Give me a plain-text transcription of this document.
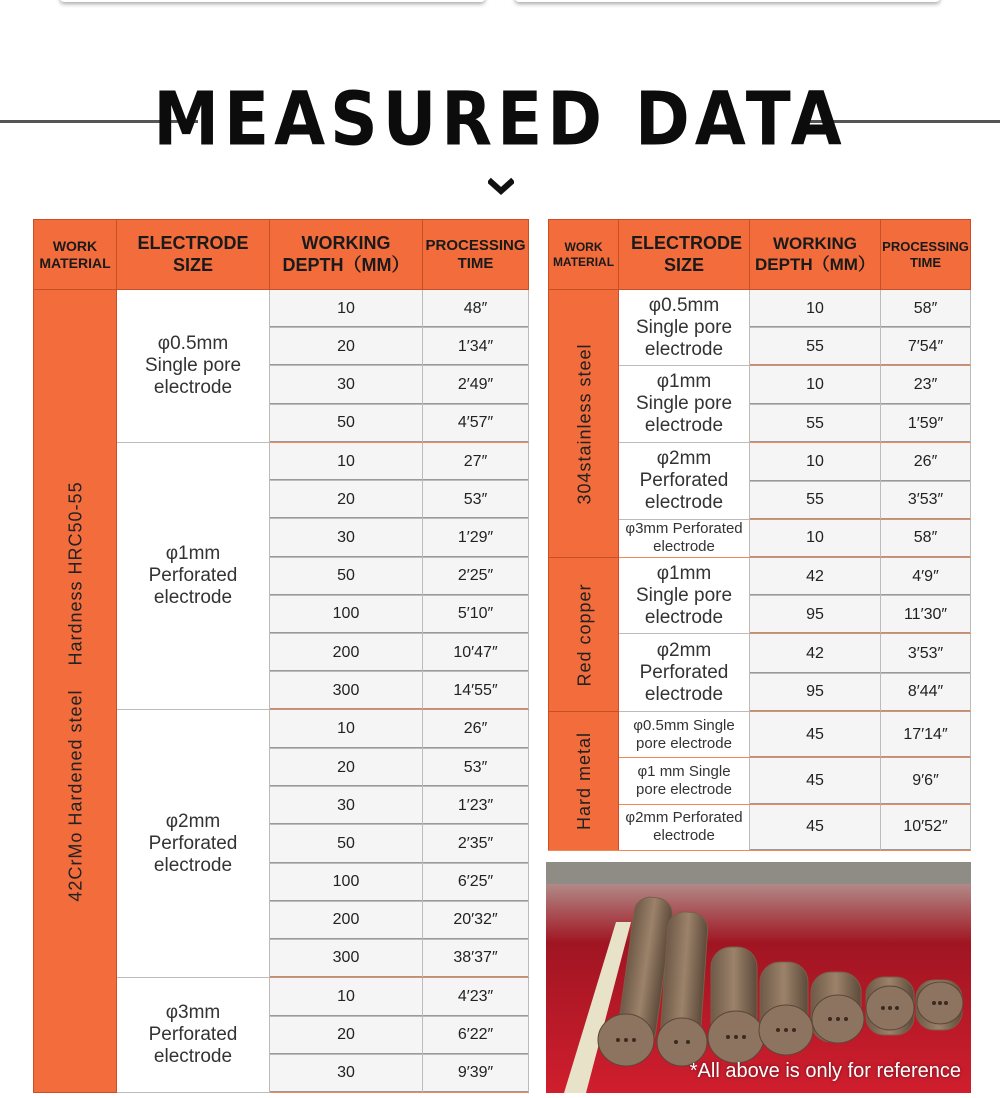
MEASURED DATA
WORK MATERIAL	ELECTRODE SIZE	WORKING DEPTH（MM）	PROCESSING TIME

42CrMo Hardened steel    Hardness HRC50-55	φ0.5mm
Single pore
electrode	10	48″
		20	1′34″
		30	2′49″
		50	4′57″
	φ1mm
Perforated
electrode	10	27″
		20	53″
		30	1′29″
		50	2′25″
		100	5′10″
		200	10′47″
		300	14′55″
	φ2mm
Perforated
electrode	10	26″
		20	53″
		30	1′23″
		50	2′35″
		100	6′25″
		200	20′32″
		300	38′37″
	φ3mm
Perforated
electrode	10	4′23″
		20	6′22″
		30	9′39″
WORK MATERIAL	ELECTRODE SIZE	WORKING DEPTH（MM）	PROCESSING TIME

304stainless steel	φ0.5mm
Single pore
electrode	10	58″
		55	7′54″
	φ1mm
Single pore
electrode	10	23″
		55	1′59″
	φ2mm
Perforated
electrode	10	26″
		55	3′53″
	φ3mm Perforated
electrode	10	58″

Red copper	φ1mm
Single pore
electrode	42	4′9″
		95	11′30″
	φ2mm
Perforated
electrode	42	3′53″
		95	8′44″

Hard metal	φ0.5mm Single
pore electrode	45	17′14″
	φ1 mm Single
pore electrode	45	9′6″
	φ2mm Perforated
electrode	45	10′52″
*All above is only for reference
